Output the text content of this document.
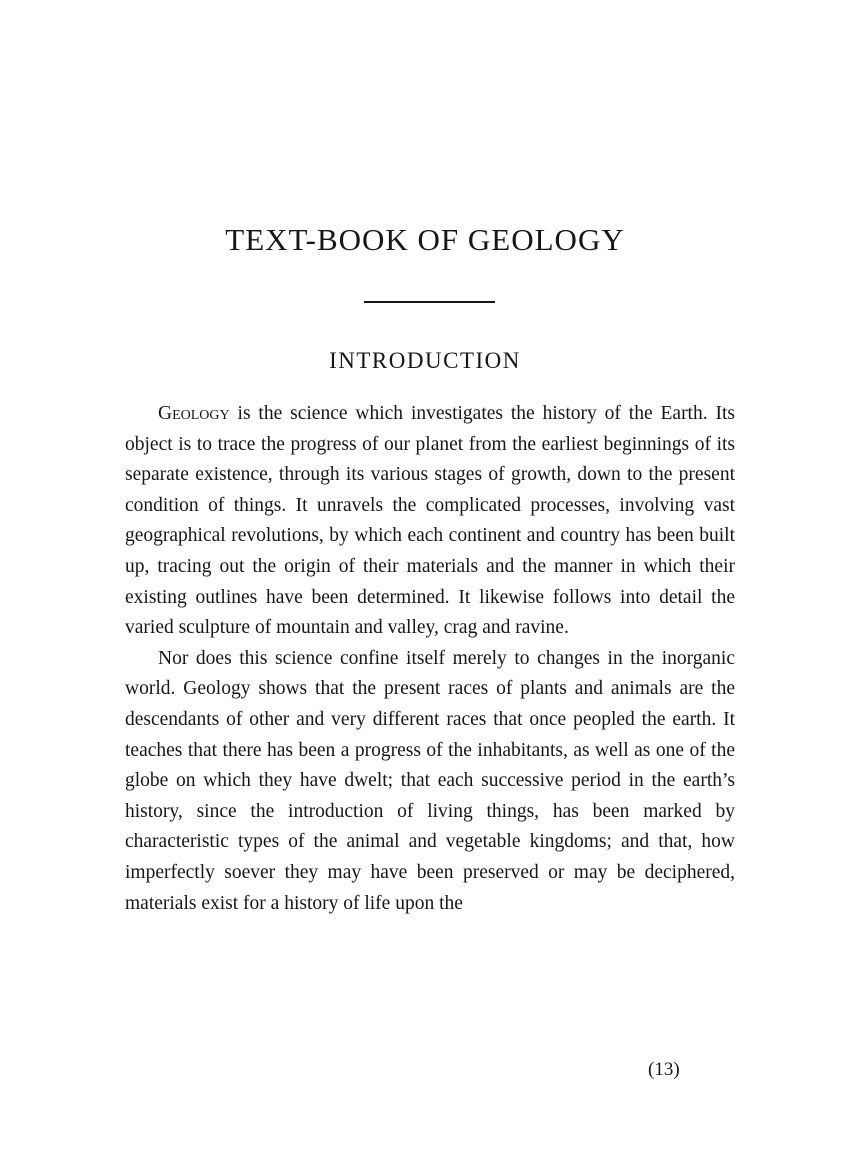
TEXT-BOOK OF GEOLOGY
INTRODUCTION

Geology is the science which investigates the history of the Earth. Its object is to trace the progress of our planet from the earliest beginnings of its separate existence, through its various stages of growth, down to the present condition of things. It unravels the complicated processes, involving vast geographical revolutions, by which each continent and country has been built up, tracing out the origin of their materials and the manner in which their existing outlines have been determined. It likewise follows into detail the varied sculpture of mountain and valley, crag and ravine.

Nor does this science confine itself merely to changes in the inorganic world. Geology shows that the present races of plants and animals are the descendants of other and very different races that once peopled the earth. It teaches that there has been a progress of the inhabitants, as well as one of the globe on which they have dwelt; that each successive period in the earth’s history, since the introduction of living things, has been marked by characteristic types of the animal and vegetable kingdoms; and that, how imperfectly soever they may have been preserved or may be deciphered, materials exist for a history of life upon the

(13)
